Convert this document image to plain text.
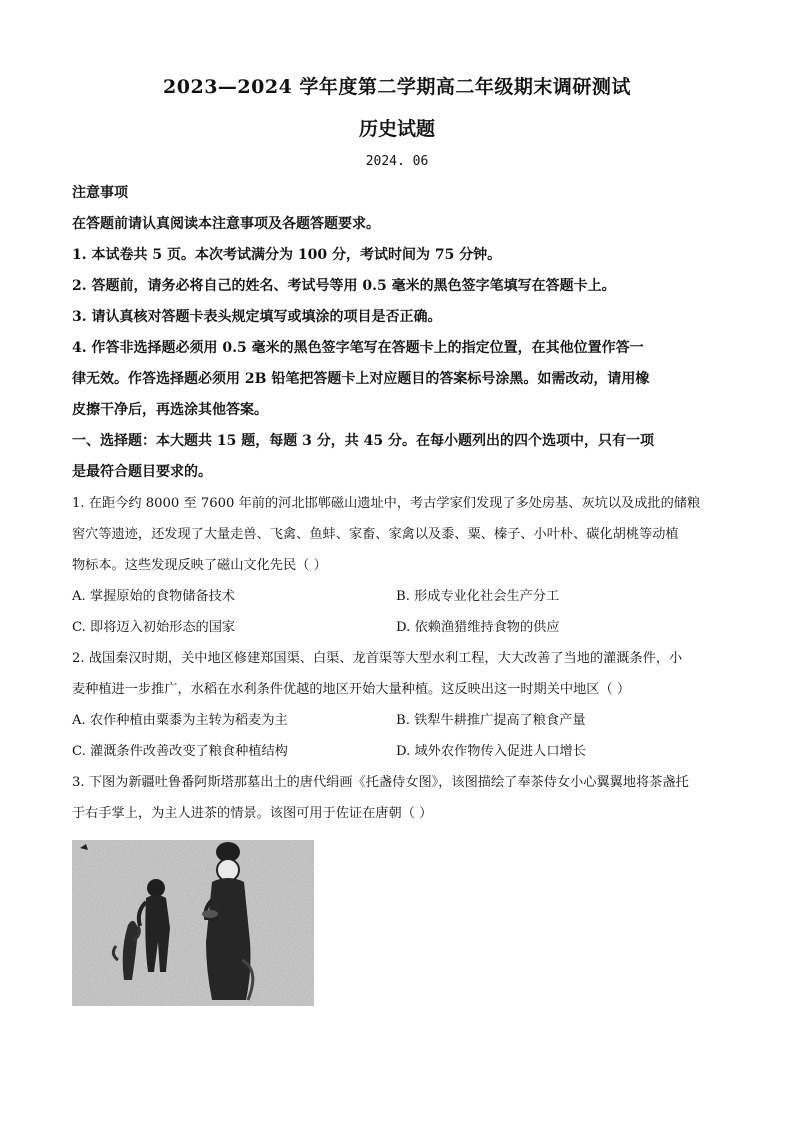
2023—2024 学年度第二学期高二年级期末调研测试
历史试题
2024. 06
注意事项
在答题前请认真阅读本注意事项及各题答题要求。
1. 本试卷共 5 页。本次考试满分为 100 分，考试时间为 75 分钟。
2. 答题前，请务必将自己的姓名、考试号等用 0.5 毫米的黑色签字笔填写在答题卡上。
3. 请认真核对答题卡表头规定填写或填涂的项目是否正确。
4. 作答非选择题必须用 0.5 毫米的黑色签字笔写在答题卡上的指定位置，在其他位置作答一
律无效。作答选择题必须用 2B 铅笔把答题卡上对应题目的答案标号涂黑。如需改动，请用橡
皮擦干净后，再选涂其他答案。
一、选择题：本大题共 15 题，每题 3 分，共 45 分。在每小题列出的四个选项中，只有一项
是最符合题目要求的。
1. 在距今约 8000 至 7600 年前的河北邯郸磁山遗址中，考古学家们发现了多处房基、灰坑以及成批的储粮
窖穴等遗迹，还发现了大量走兽、飞禽、鱼蚌、家畜、家禽以及黍、粟、榛子、小叶朴、碳化胡桃等动植
物标本。这些发现反映了磁山文化先民（ ）
A. 掌握原始的食物储备技术	B. 形成专业化社会生产分工
C. 即将迈入初始形态的国家	D. 依赖渔猎维持食物的供应
2. 战国秦汉时期，关中地区修建郑国渠、白渠、龙首渠等大型水利工程，大大改善了当地的灌溉条件，小
麦种植进一步推广，水稻在水利条件优越的地区开始大量种植。这反映出这一时期关中地区（ ）
A. 农作种植由粟黍为主转为稻麦为主	B. 铁犁牛耕推广提高了粮食产量
C. 灌溉条件改善改变了粮食种植结构	D. 域外农作物传入促进人口增长
3. 下图为新疆吐鲁番阿斯塔那墓出土的唐代绢画《托盏侍女图》，该图描绘了奉茶侍女小心翼翼地将茶盏托
于右手掌上，为主人进茶的情景。该图可用于佐证在唐朝（ ）
